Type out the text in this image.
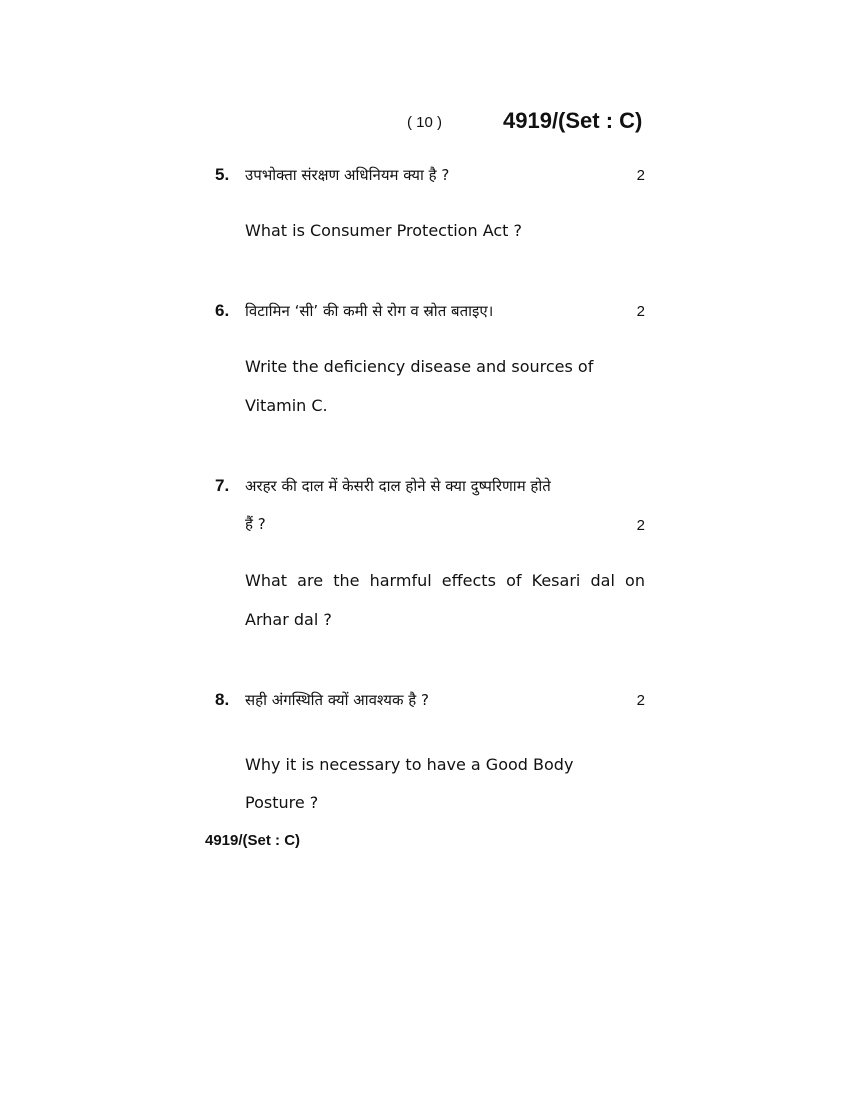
( 10 )	4919/(Set : C)
5. उपभोक्ता संरक्षण अधिनियम क्या है ?	2
What is Consumer Protection Act ?
6. विटामिन ‘सी’ की कमी से रोग व स्रोत बताइए।	2
Write the deficiency disease and sources of
Vitamin C.
7. अरहर की दाल में केसरी दाल होने से क्या दुष्परिणाम होते
हैं ?	2
What are the harmful effects of Kesari dal on
Arhar dal ?
8. सही अंगस्थिति क्यों आवश्यक है ?	2
Why it is necessary to have a Good Body
Posture ?
4919/(Set : C)
